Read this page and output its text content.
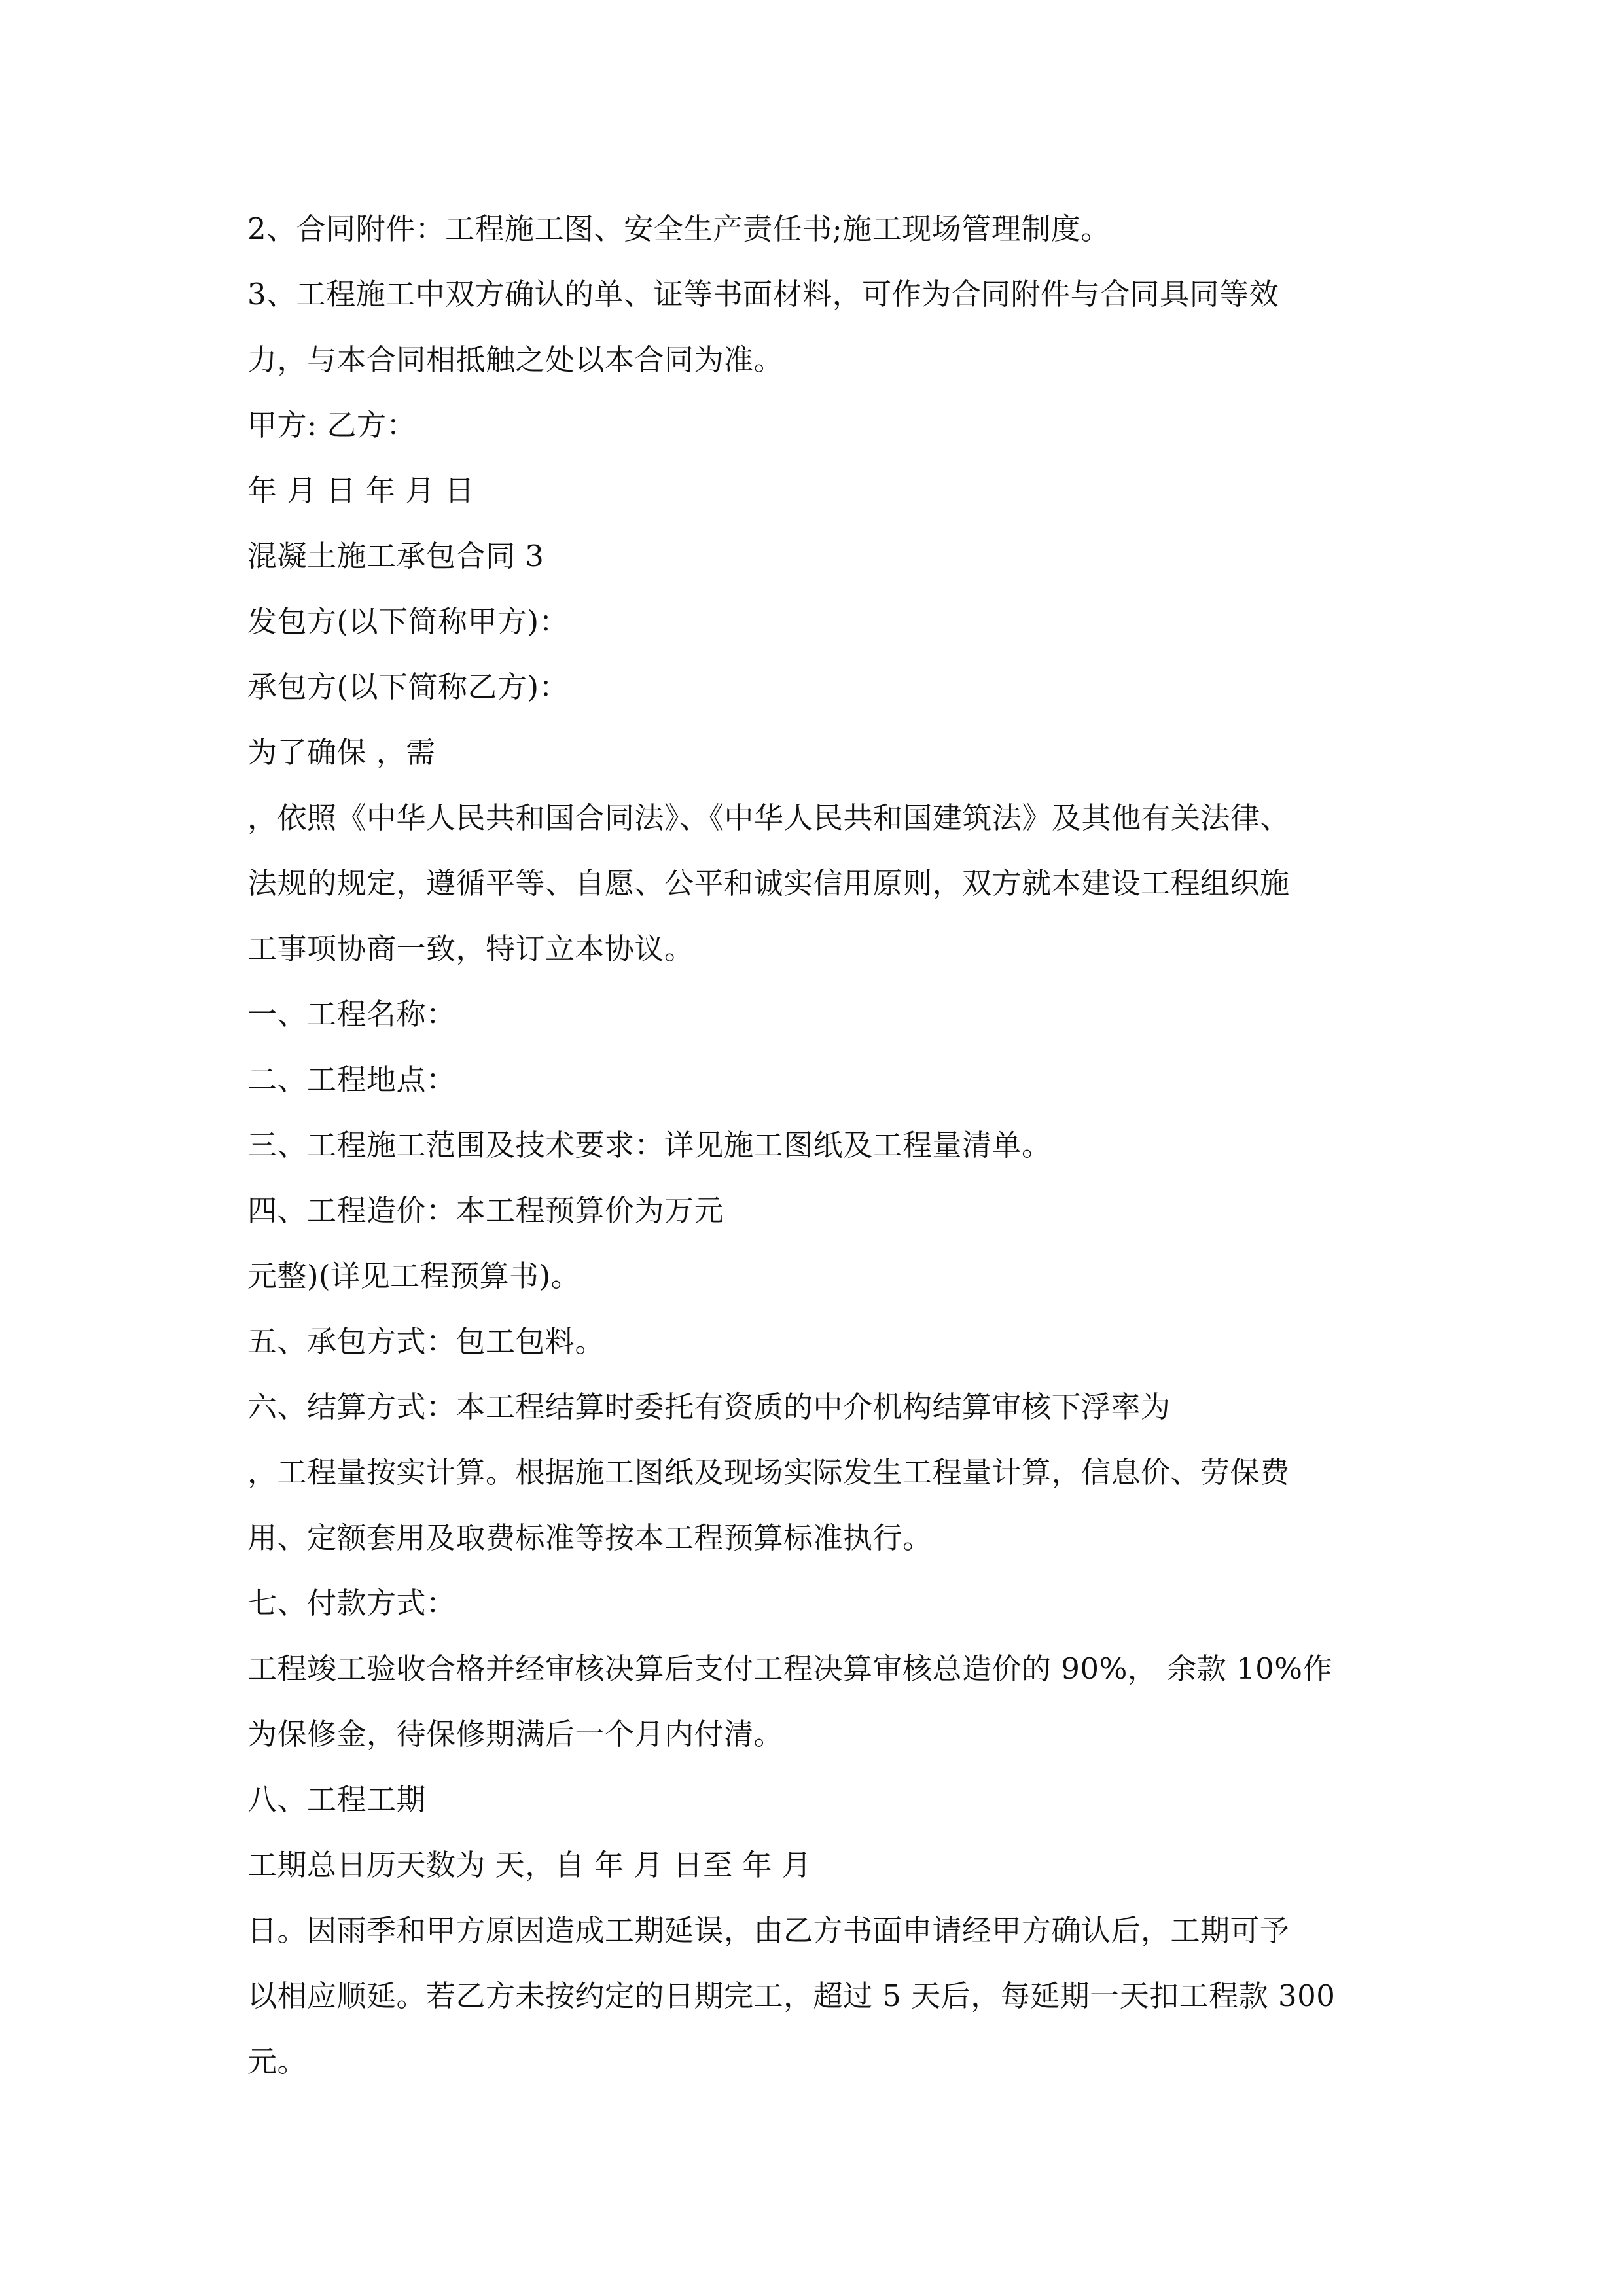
2、合同附件：工程施工图、安全生产责任书;施工现场管理制度。
3、工程施工中双方确认的单、证等书面材料，可作为合同附件与合同具同等效
力，与本合同相抵触之处以本合同为准。
甲方: 乙方：
年 月 日 年 月 日
混凝土施工承包合同 3
发包方(以下简称甲方)：
承包方(以下简称乙方)：
为了确保 ，需
，依照《中华人民共和国合同法》、《中华人民共和国建筑法》及其他有关法律、
法规的规定，遵循平等、自愿、公平和诚实信用原则，双方就本建设工程组织施
工事项协商一致，特订立本协议。
一、工程名称：
二、工程地点：
三、工程施工范围及技术要求：详见施工图纸及工程量清单。
四、工程造价：本工程预算价为万元
元整)(详见工程预算书)。
五、承包方式：包工包料。
六、结算方式：本工程结算时委托有资质的中介机构结算审核下浮率为
，工程量按实计算。根据施工图纸及现场实际发生工程量计算，信息价、劳保费
用、定额套用及取费标准等按本工程预算标准执行。
七、付款方式：
工程竣工验收合格并经审核决算后支付工程决算审核总造价的 90%， 余款 10%作
为保修金，待保修期满后一个月内付清。
八、工程工期
工期总日历天数为 天，自 年 月 日至 年 月
日。因雨季和甲方原因造成工期延误，由乙方书面申请经甲方确认后，工期可予
以相应顺延。若乙方未按约定的日期完工，超过 5 天后，每延期一天扣工程款 300
元。
